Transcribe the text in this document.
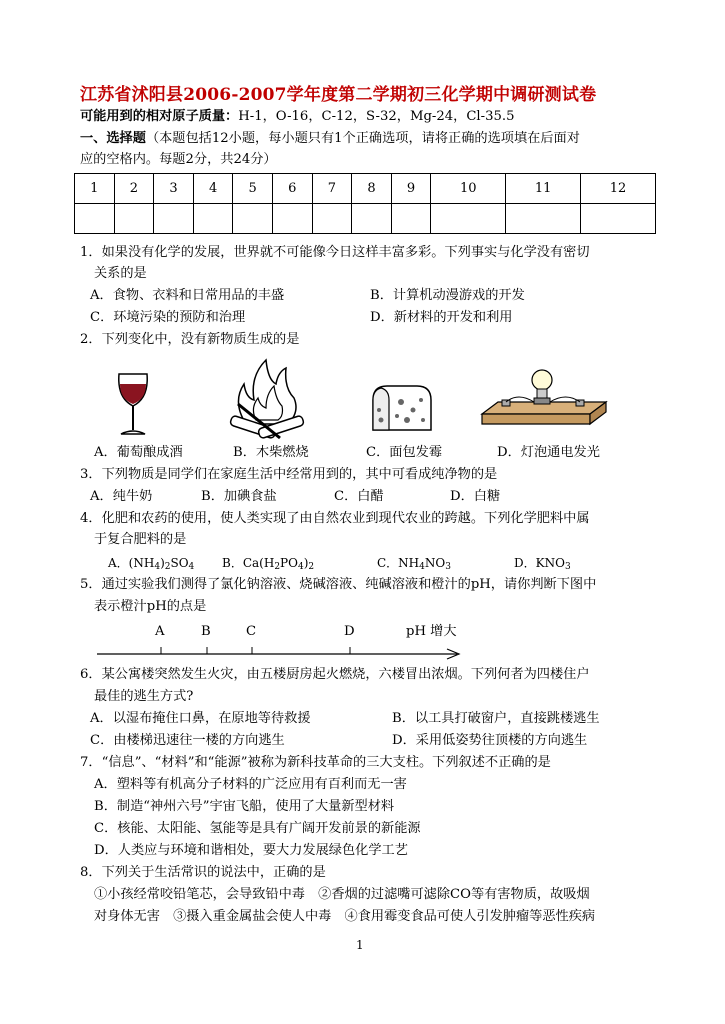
江苏省沭阳县2006-2007学年度第二学期初三化学期中调研测试卷
可能用到的相对原子质量：H-1，O-16，C-12，S-32，Mg-24，Cl-35.5
一、选择题（本题包括12小题，每小题只有1个正确选项，请将正确的选项填在后面对
应的空格内。每题2分，共24分）
1	2	3	4	5	6	7	8	9	10	11	12

1．如果没有化学的发展，世界就不可能像今日这样丰富多彩。下列事实与化学没有密切
关系的是
A．食物、衣料和日常用品的丰盛	B．计算机动漫游戏的开发
C．环境污染的预防和治理	D．新材料的开发和利用
2．下列变化中，没有新物质生成的是
A．葡萄酿成酒	B．木柴燃烧	C．面包发霉	D．灯泡通电发光
3．下列物质是同学们在家庭生活中经常用到的，其中可看成纯净物的是
A．纯牛奶	B．加碘食盐	C．白醋	D．白糖
4．化肥和农药的使用，使人类实现了由自然农业到现代农业的跨越。下列化学肥料中属
于复合肥料的是
A．$(NH_4)_2SO_4$ B．$Ca(H_2PO_4)_2$	C．$NH_4NO_3$	D．$KNO_3$
5．通过实验我们测得了氯化钠溶液、烧碱溶液、纯碱溶液和橙汁的pH，请你判断下图中
表示橙汁pH的点是
A	B	C	D	pH 增大
6．某公寓楼突然发生火灾，由五楼厨房起火燃烧，六楼冒出浓烟。下列何者为四楼住户
最佳的逃生方式?
A．以湿布掩住口鼻，在原地等待救援	B．以工具打破窗户，直接跳楼逃生
C．由楼梯迅速往一楼的方向逃生	D．采用低姿势往顶楼的方向逃生
7．“信息”、“材料”和“能源”被称为新科技革命的三大支柱。下列叙述不正确的是
A．塑料等有机高分子材料的广泛应用有百利而无一害
B．制造“神州六号”宇宙飞船，使用了大量新型材料
C．核能、太阳能、氢能等是具有广阔开发前景的新能源
D．人类应与环境和谐相处，要大力发展绿色化学工艺
8．下列关于生活常识的说法中，正确的是
①小孩经常咬铅笔芯，会导致铅中毒　②香烟的过滤嘴可滤除CO等有害物质，故吸烟
对身体无害　③摄入重金属盐会使人中毒　④食用霉变食品可使人引发肿瘤等恶性疾病
1
